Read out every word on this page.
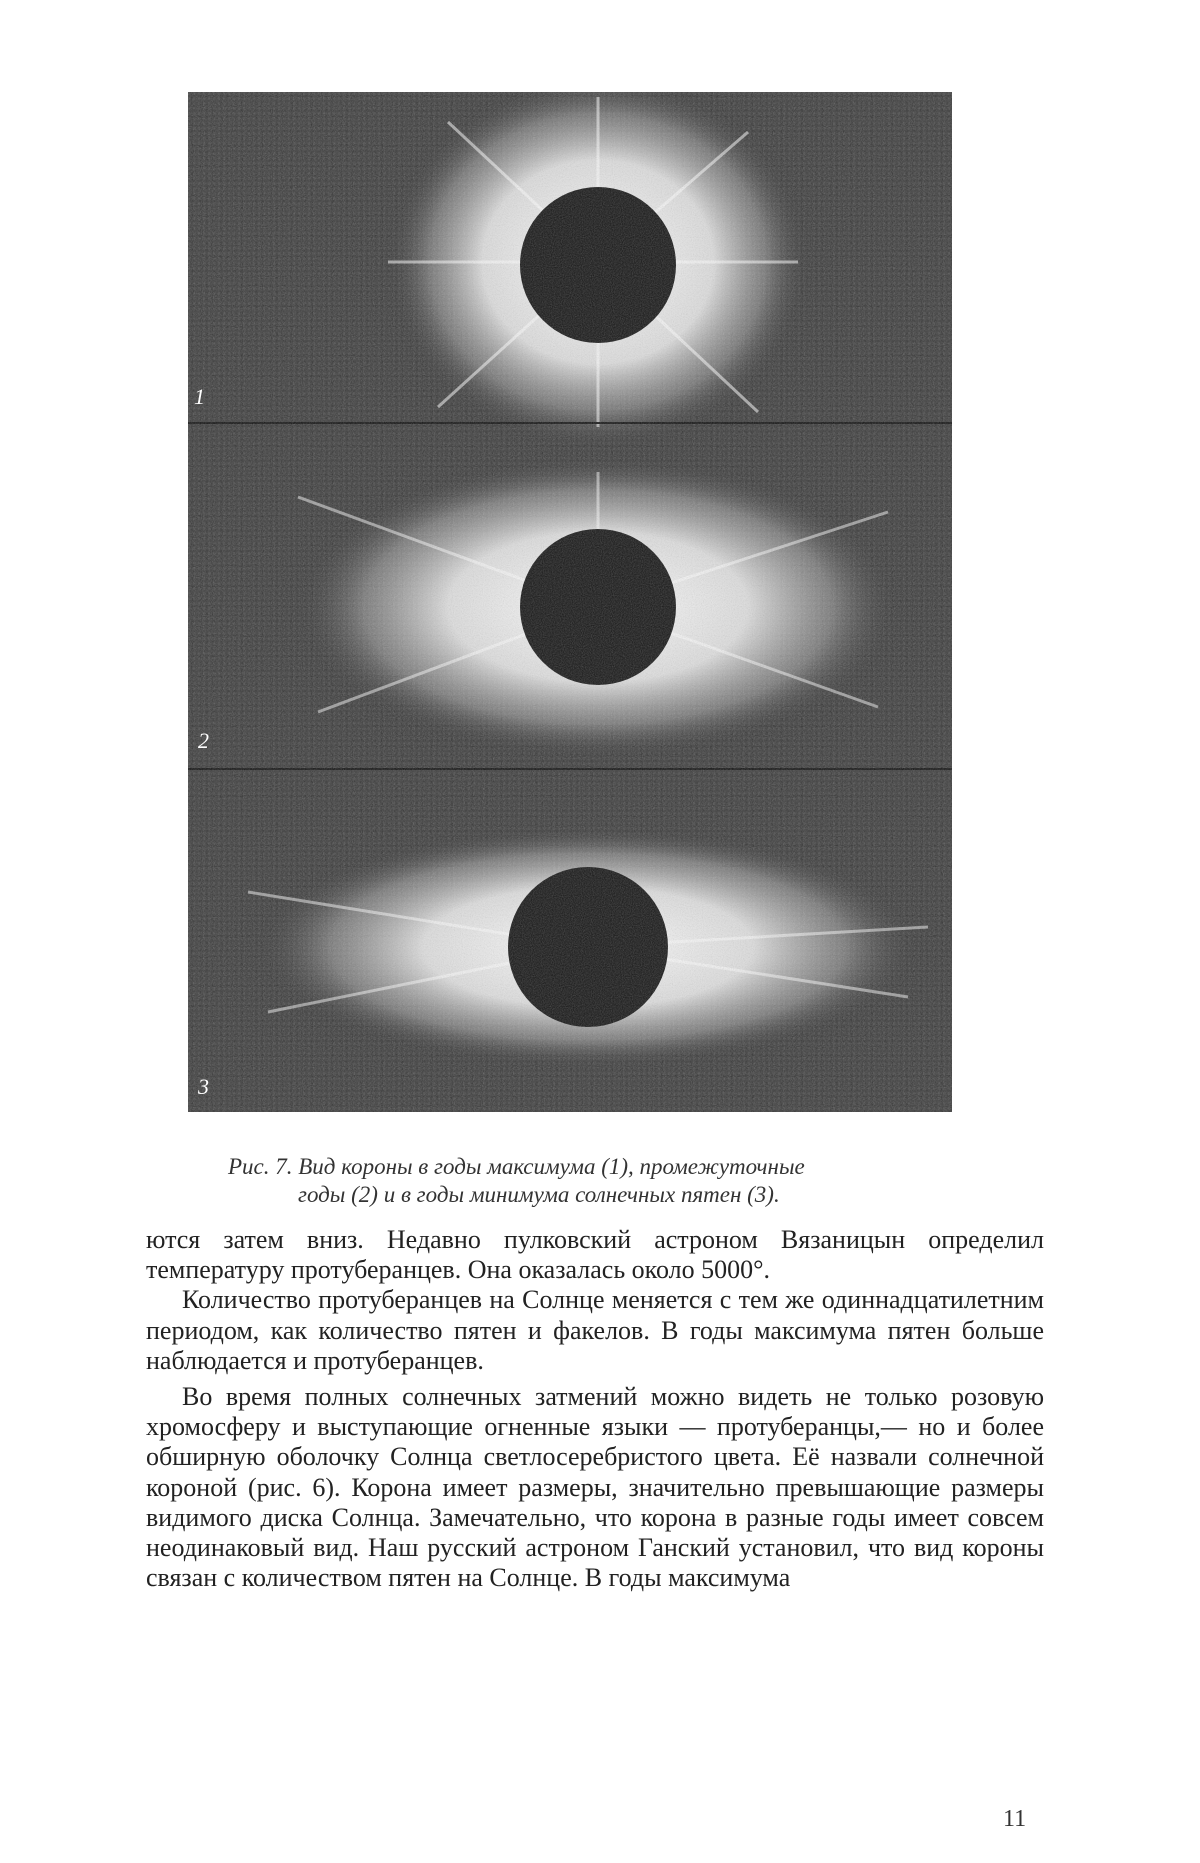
1
2
3
Рис. 7. Вид короны в годы максимума (1), промежуточные
годы (2) и в годы минимума солнечных пятен (3).

ются затем вниз. Недавно пулковский астроном Вязаницын определил температуру протуберанцев. Она оказалась около 5000°.

Количество протуберанцев на Солнце меняется с тем же одиннадцатилетним периодом, как количество пятен и факелов. В годы максимума пятен больше наблюдается и протуберанцев.

Во время полных солнечных затмений можно видеть не только розовую хромосферу и выступающие огненные языки — протуберанцы,— но и более обширную оболочку Солнца светлосеребристого цвета. Её назвали солнечной короной (рис. 6). Корона имеет размеры, значительно превышающие размеры видимого диска Солнца. Замечательно, что корона в разные годы имеет совсем неодинаковый вид. Наш русский астроном Ганский установил, что вид короны связан с количеством пятен на Солнце. В годы максимума

11
